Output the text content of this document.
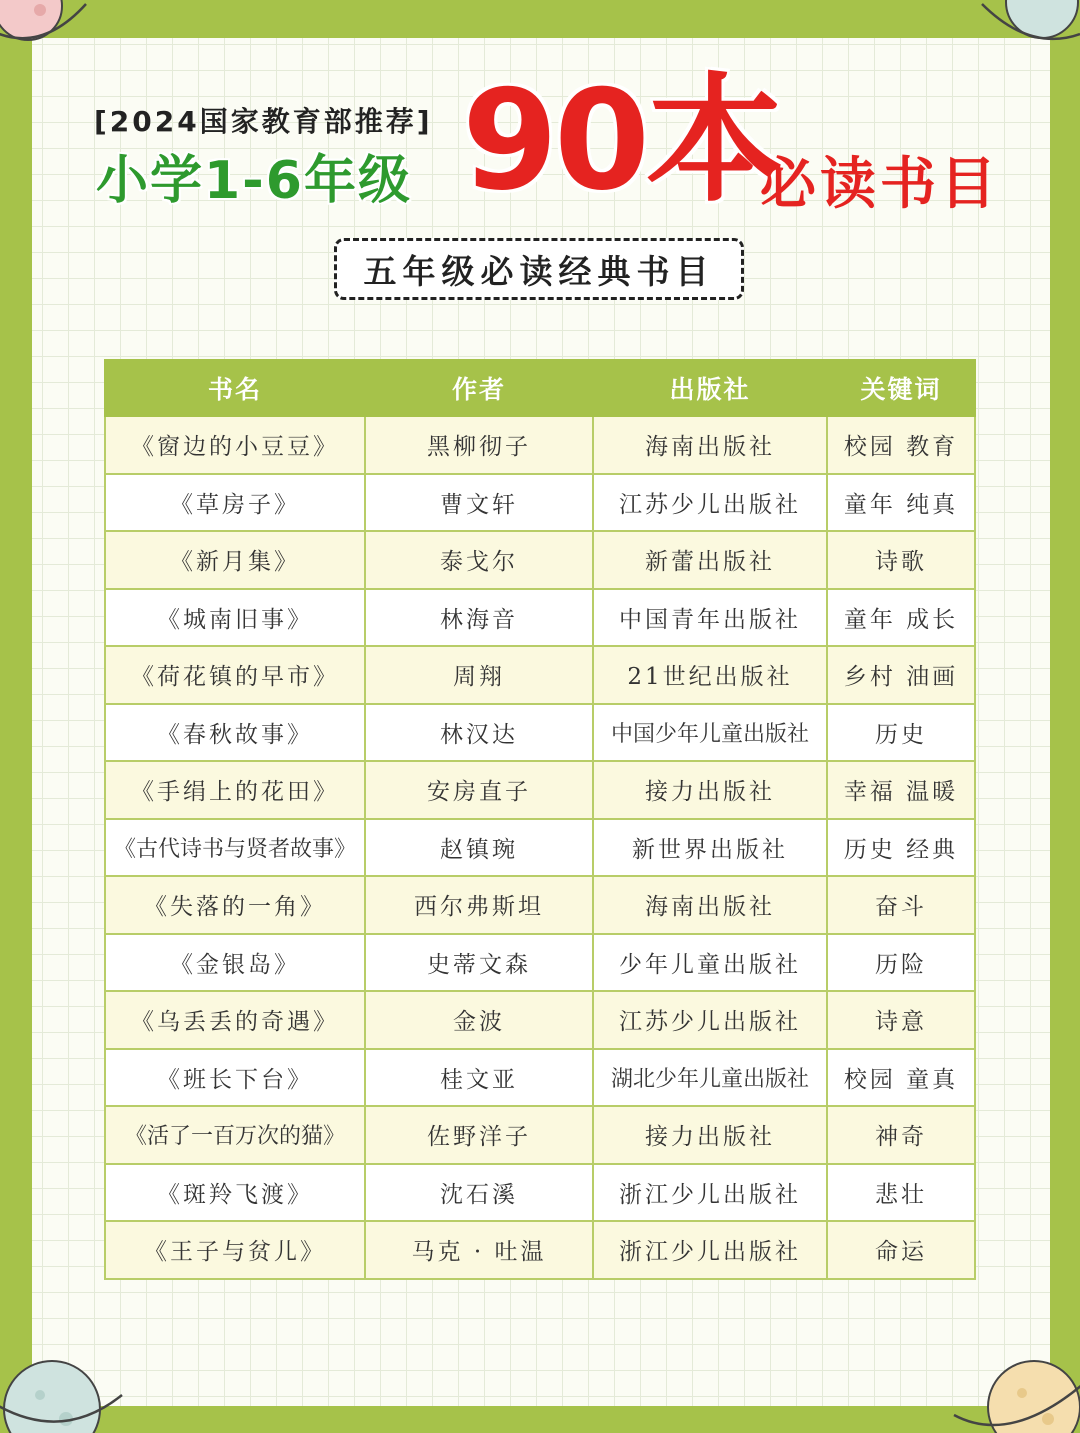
[2024国家教育部推荐]
小学1-6年级 90本
必读书目
五年级必读经典书目
书名	作者	出版社	关键词
《窗边的小豆豆》	黑柳彻子	海南出版社	校园 教育
《草房子》	曹文轩	江苏少儿出版社	童年 纯真
《新月集》	泰戈尔	新蕾出版社	诗歌
《城南旧事》	林海音	中国青年出版社	童年 成长
《荷花镇的早市》	周翔	21世纪出版社	乡村 油画
《春秋故事》	林汉达	中国少年儿童出版社	历史
《手绢上的花田》	安房直子	接力出版社	幸福 温暖
《古代诗书与贤者故事》	赵镇琬	新世界出版社	历史 经典
《失落的一角》	西尔弗斯坦	海南出版社	奋斗
《金银岛》	史蒂文森	少年儿童出版社	历险
《乌丢丢的奇遇》	金波	江苏少儿出版社	诗意
《班长下台》	桂文亚	湖北少年儿童出版社	校园 童真
《活了一百万次的猫》	佐野洋子	接力出版社	神奇
《斑羚飞渡》	沈石溪	浙江少儿出版社	悲壮
《王子与贫儿》	马克 · 吐温	浙江少儿出版社	命运
